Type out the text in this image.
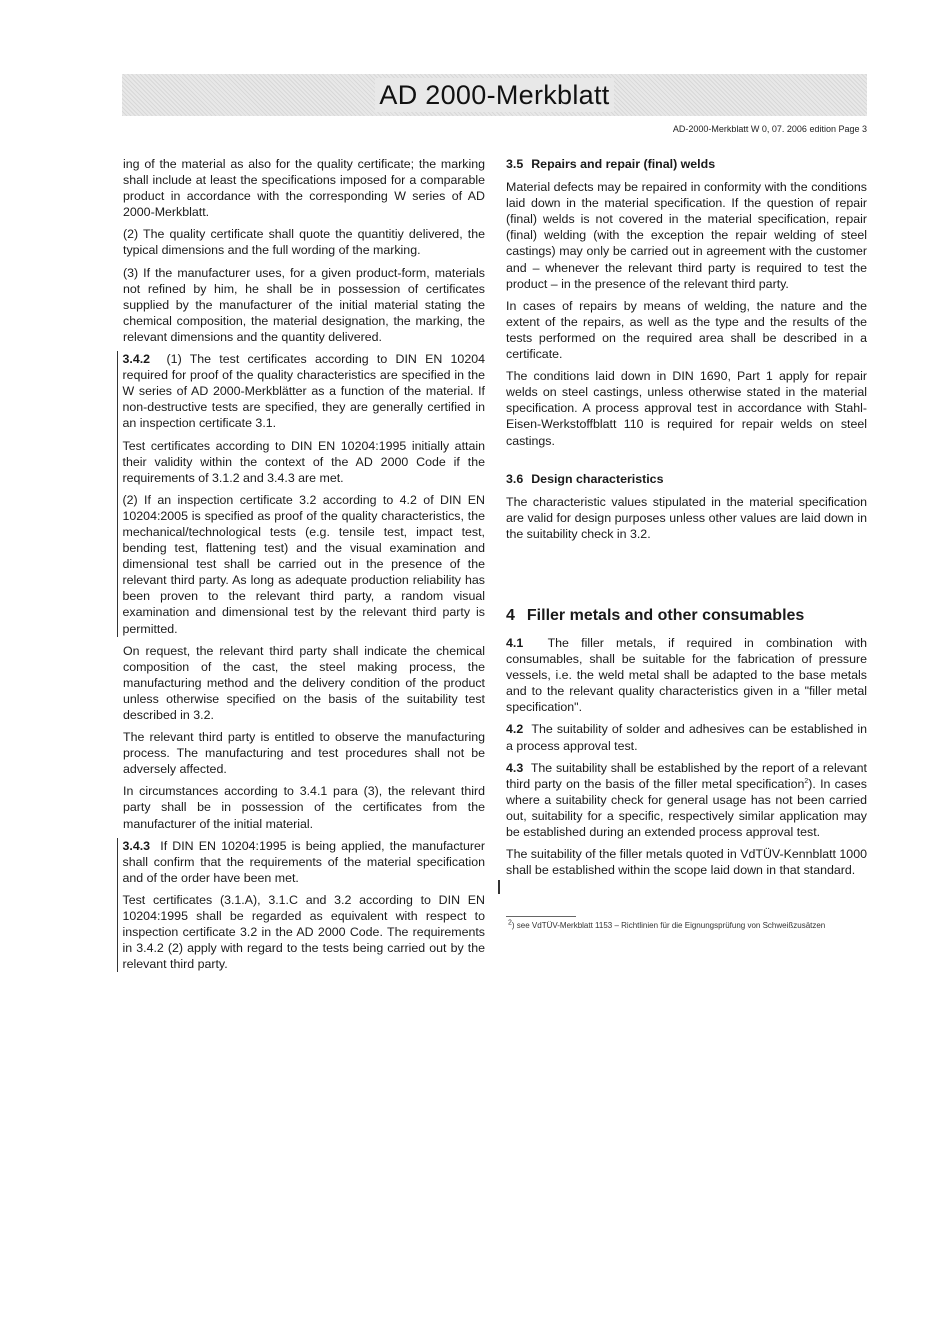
AD 2000-Merkblatt
AD-2000-Merkblatt W 0, 07. 2006 edition Page 3

ing of the material as also for the quality certificate; the marking shall include at least the specifications imposed for a comparable product in accordance with the corresponding W series of AD 2000-Merkblatt.

(2) The quality certificate shall quote the quantitiy delivered, the typical dimensions and the full wording of the marking.

(3) If the manufacturer uses, for a given product-form, materials not refined by him, he shall be in possession of certificates supplied by the manufacturer of the initial material stating the chemical composition, the material designation, the marking, the relevant dimensions and the quantity delivered.

3.4.2 (1) The test certificates according to DIN EN 10204 required for proof of the quality characteristics are specified in the W series of AD 2000-Merkblätter as a function of the material. If non-destructive tests are specified, they are generally certified in an inspection certificate 3.1.

Test certificates according to DIN EN 10204:1995 initially attain their validity within the context of the AD 2000 Code if the requirements of 3.1.2 and 3.4.3 are met.

(2) If an inspection certificate 3.2 according to 4.2 of DIN EN 10204:2005 is specified as proof of the quality characteristics, the mechanical/technological tests (e.g. tensile test, impact test, bending test, flattening test) and the visual examination and dimensional test shall be carried out in the presence of the relevant third party. As long as adequate production reliability has been proven to the relevant third party, a random visual examination and dimensional test by the relevant third party is permitted.

On request, the relevant third party shall indicate the chemical composition of the cast, the steel making process, the manufacturing method and the delivery condition of the product unless otherwise specified on the basis of the suitability test described in 3.2.

The relevant third party is entitled to observe the manufacturing process. The manufacturing and test procedures shall not be adversely affected.

In circumstances according to 3.4.1 para (3), the relevant third party shall be in possession of the certificates from the manufacturer of the initial material.

3.4.3 If DIN EN 10204:1995 is being applied, the manufacturer shall confirm that the requirements of the material specification and of the order have been met.

Test certificates (3.1.A), 3.1.C and 3.2 according to DIN EN 10204:1995 shall be regarded as equivalent with respect to inspection certificate 3.2 in the AD 2000 Code. The requirements in 3.4.2 (2) apply with regard to the tests being carried out by the relevant third party.

3.5 Repairs and repair (final) welds

Material defects may be repaired in conformity with the conditions laid down in the material specification. If the question of repair (final) welds is not covered in the material specification, repair (final) welding (with the exception the repair welding of steel castings) may only be carried out in agreement with the customer and – whenever the relevant third party is required to test the product – in the presence of the relevant third party.

In cases of repairs by means of welding, the nature and the extent of the repairs, as well as the type and the results of the tests performed on the required area shall be described in a certificate.

The conditions laid down in DIN 1690, Part 1 apply for repair welds on steel castings, unless otherwise stated in the material specification. A process approval test in accordance with Stahl-Eisen-Werkstoffblatt 110 is required for repair welds on steel castings.

3.6 Design characteristics

The characteristic values stipulated in the material specification are valid for design purposes unless other values are laid down in the suitability check in 3.2.

4 Filler metals and other consumables

4.1 The filler metals, if required in combination with consumables, shall be suitable for the fabrication of pressure vessels, i.e. the weld metal shall be adapted to the base metals and to the relevant quality characteristics given in a "filler metal specification".

4.2 The suitability of solder and adhesives can be established in a process approval test.

4.3 The suitability shall be established by the report of a relevant third party on the basis of the filler metal specification$^2$). In cases where a suitability check for general usage has not been carried out, suitability for a specific, respectively similar application may be established during an extended process approval test.

The suitability of the filler metals quoted in VdTÜV-Kennblatt 1000 shall be established within the scope laid down in that standard.

$^2$) see VdTÜV-Merkblatt 1153 – Richtlinien für die Eignungsprüfung von Schweißzusätzen
